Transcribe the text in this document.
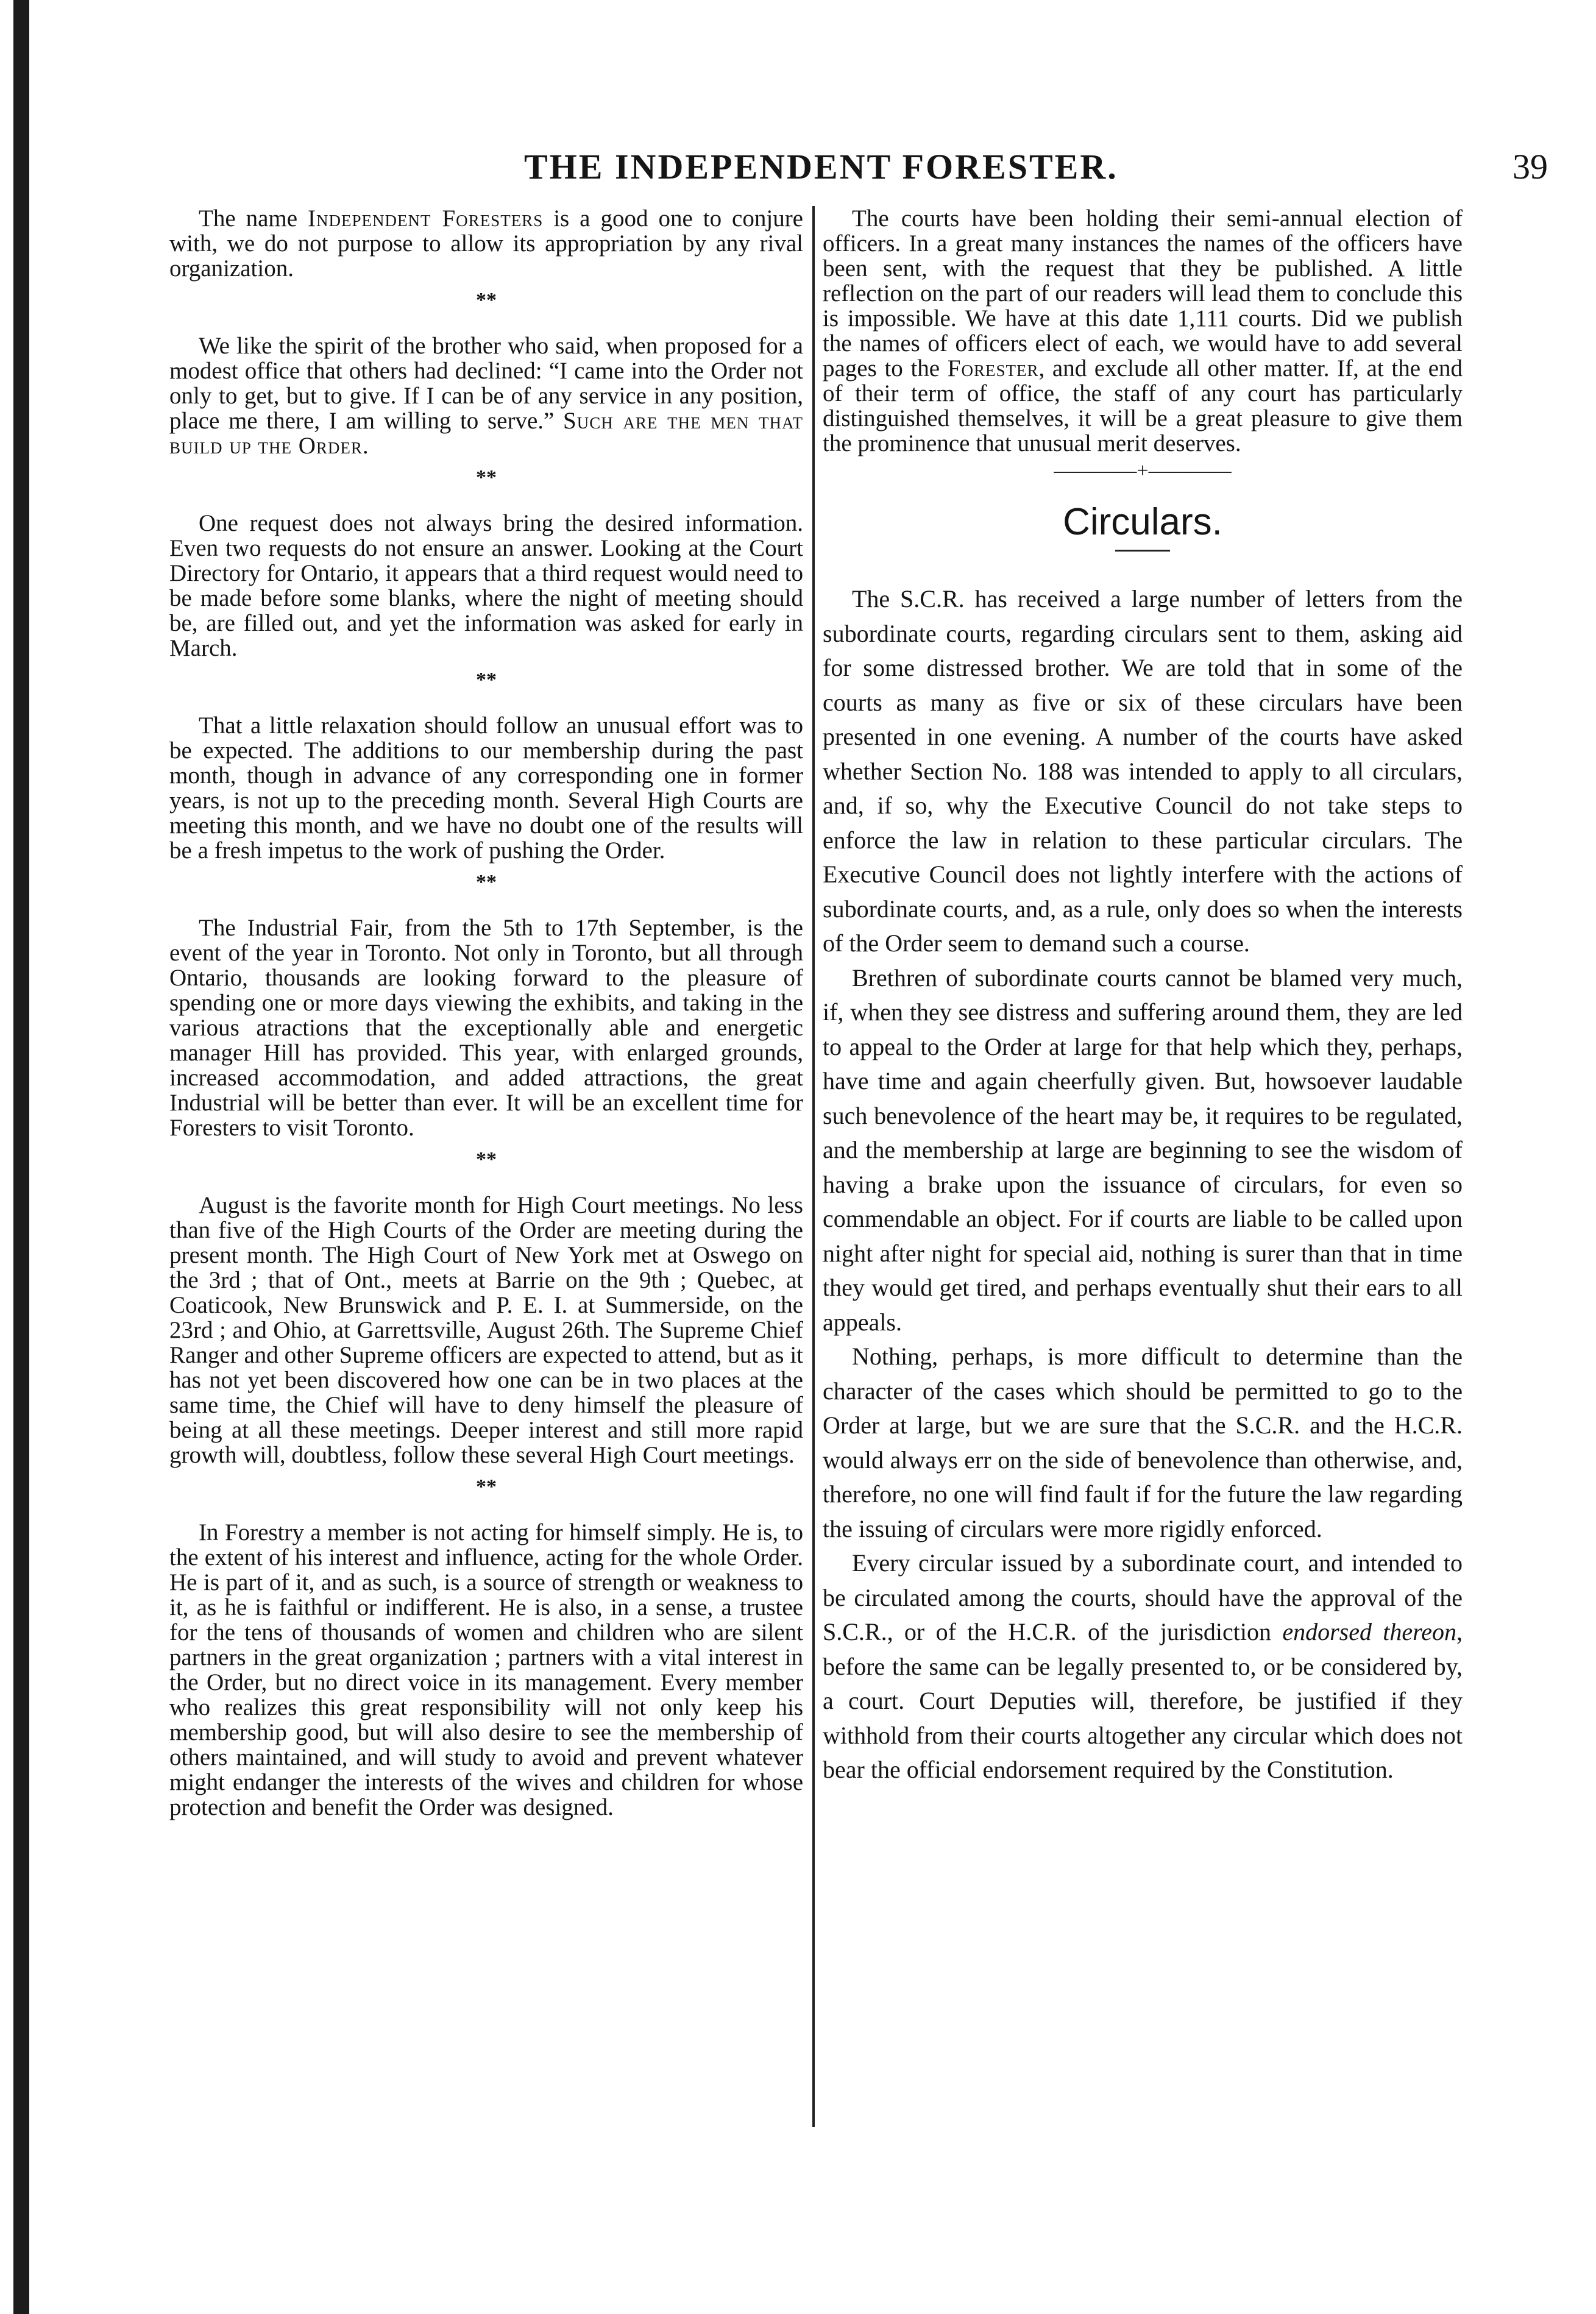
THE INDEPENDENT FORESTER.	39

The name Independent Foresters is a good one to conjure with, we do not purpose to allow its appropriation by any rival organization.

**

We like the spirit of the brother who said, when proposed for a modest office that others had declined: “I came into the Order not only to get, but to give. If I can be of any service in any position, place me there, I am willing to serve.” Such are the men that build up the Order.

**

One request does not always bring the desired information. Even two requests do not ensure an answer. Looking at the Court Directory for Ontario, it appears that a third request would need to be made before some blanks, where the night of meeting should be, are filled out, and yet the information was asked for early in March.

**

That a little relaxation should follow an unusual effort was to be expected. The additions to our membership during the past month, though in advance of any corresponding one in former years, is not up to the preceding month. Several High Courts are meeting this month, and we have no doubt one of the results will be a fresh impetus to the work of pushing the Order.

**

The Industrial Fair, from the 5th to 17th September, is the event of the year in Toronto. Not only in Toronto, but all through Ontario, thousands are looking forward to the pleasure of spending one or more days viewing the exhibits, and taking in the various atractions that the exceptionally able and energetic manager Hill has provided. This year, with enlarged grounds, increased accommodation, and added attractions, the great Industrial will be better than ever. It will be an excellent time for Foresters to visit Toronto.

**

August is the favorite month for High Court meetings. No less than five of the High Courts of the Order are meeting during the present month. The High Court of New York met at Oswego on the 3rd ; that of Ont., meets at Barrie on the 9th ; Quebec, at Coaticook, New Brunswick and P. E. I. at Summerside, on the 23rd ; and Ohio, at Garrettsville, August 26th. The Supreme Chief Ranger and other Supreme officers are expected to attend, but as it has not yet been discovered how one can be in two places at the same time, the Chief will have to deny himself the pleasure of being at all these meetings. Deeper interest and still more rapid growth will, doubtless, follow these several High Court meetings.

**

In Forestry a member is not acting for himself simply. He is, to the extent of his interest and influence, acting for the whole Order. He is part of it, and as such, is a source of strength or weakness to it, as he is faithful or indifferent. He is also, in a sense, a trustee for the tens of thousands of women and children who are silent partners in the great organization ; partners with a vital interest in the Order, but no direct voice in its management. Every member who realizes this great responsibility will not only keep his membership good, but will also desire to see the membership of others maintained, and will study to avoid and prevent whatever might endanger the interests of the wives and children for whose protection and benefit the Order was designed.

The courts have been holding their semi-annual election of officers. In a great many instances the names of the officers have been sent, with the request that they be published. A little reflection on the part of our readers will lead them to conclude this is impossible. We have at this date 1,111 courts. Did we publish the names of officers elect of each, we would have to add several pages to the Forester, and exclude all other matter. If, at the end of their term of office, the staff of any court has particularly distinguished themselves, it will be a great pleasure to give them the prominence that unusual merit deserves.

————+————
Circulars.

The S.C.R. has received a large number of letters from the subordinate courts, regarding circulars sent to them, asking aid for some distressed brother. We are told that in some of the courts as many as five or six of these circulars have been presented in one evening. A number of the courts have asked whether Section No. 188 was intended to apply to all circulars, and, if so, why the Executive Council do not take steps to enforce the law in relation to these particular circulars. The Executive Council does not lightly interfere with the actions of subordinate courts, and, as a rule, only does so when the interests of the Order seem to demand such a course.

Brethren of subordinate courts cannot be blamed very much, if, when they see distress and suffering around them, they are led to appeal to the Order at large for that help which they, perhaps, have time and again cheerfully given. But, howsoever laudable such benevolence of the heart may be, it requires to be regulated, and the membership at large are beginning to see the wisdom of having a brake upon the issuance of circulars, for even so commendable an object. For if courts are liable to be called upon night after night for special aid, nothing is surer than that in time they would get tired, and perhaps eventually shut their ears to all appeals.

Nothing, perhaps, is more difficult to determine than the character of the cases which should be permitted to go to the Order at large, but we are sure that the S.C.R. and the H.C.R. would always err on the side of benevolence than otherwise, and, therefore, no one will find fault if for the future the law regarding the issuing of circulars were more rigidly enforced.

Every circular issued by a subordinate court, and intended to be circulated among the courts, should have the approval of the S.C.R., or of the H.C.R. of the jurisdiction endorsed thereon, before the same can be legally presented to, or be considered by, a court. Court Deputies will, therefore, be justified if they withhold from their courts altogether any circular which does not bear the official endorsement required by the Constitution.
